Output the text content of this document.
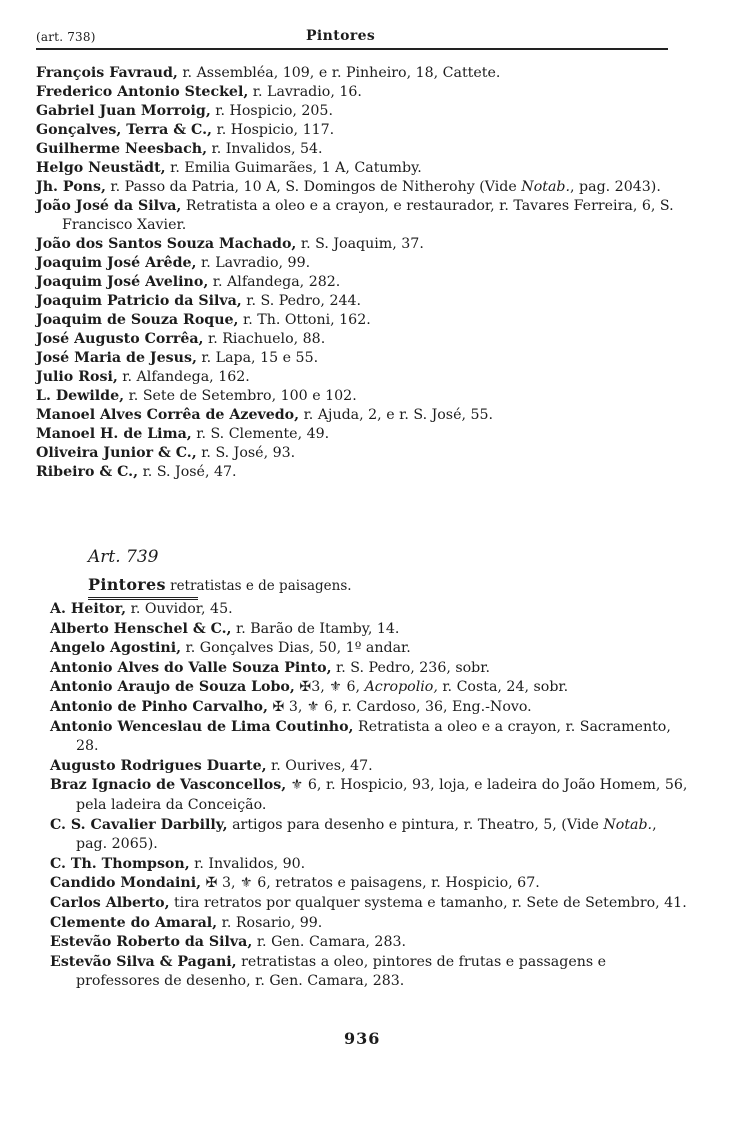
(art. 738)	Pintores
François Favraud, r. Assembléa, 109, e r. Pinheiro, 18, Cattete.
Frederico Antonio Steckel, r. Lavradio, 16.
Gabriel Juan Morroig, r. Hospicio, 205.
Gonçalves, Terra & C., r. Hospicio, 117.
Guilherme Neesbach, r. Invalidos, 54.
Helgo Neustädt, r. Emilia Guimarães, 1 A, Catumby.
Jh. Pons, r. Passo da Patria, 10 A, S. Domingos de Nitherohy (Vide Notab., pag. 2043).
João José da Silva, Retratista a oleo e a crayon, e restaurador, r. Tavares Ferreira, 6, S. Francisco Xavier.
João dos Santos Souza Machado, r. S. Joaquim, 37.
Joaquim José Arêde, r. Lavradio, 99.
Joaquim José Avelino, r. Alfandega, 282.
Joaquim Patricio da Silva, r. S. Pedro, 244.
Joaquim de Souza Roque, r. Th. Ottoni, 162.
José Augusto Corrêa, r. Riachuelo, 88.
José Maria de Jesus, r. Lapa, 15 e 55.
Julio Rosi, r. Alfandega, 162.
L. Dewilde, r. Sete de Setembro, 100 e 102.
Manoel Alves Corrêa de Azevedo, r. Ajuda, 2, e r. S. José, 55.
Manoel H. de Lima, r. S. Clemente, 49.
Oliveira Junior & C., r. S. José, 93.
Ribeiro & C., r. S. José, 47.
Art. 739
Pintores retratistas e de paisagens.
A. Heitor, r. Ouvidor, 45.
Alberto Henschel & C., r. Barão de Itamby, 14.
Angelo Agostini, r. Gonçalves Dias, 50, 1º andar.
Antonio Alves do Valle Souza Pinto, r. S. Pedro, 236, sobr.
Antonio Araujo de Souza Lobo, ✠3, ⚜ 6, Acropolio, r. Costa, 24, sobr.
Antonio de Pinho Carvalho, ✠ 3, ⚜ 6, r. Cardoso, 36, Eng.-Novo.
Antonio Wenceslau de Lima Coutinho, Retratista a oleo e a crayon, r. Sacramento, 28.
Augusto Rodrigues Duarte, r. Ourives, 47.
Braz Ignacio de Vasconcellos, ⚜ 6, r. Hospicio, 93, loja, e ladeira do João Homem, 56, pela ladeira da Conceição.
C. S. Cavalier Darbilly, artigos para desenho e pintura, r. Theatro, 5, (Vide Notab., pag. 2065).
C. Th. Thompson, r. Invalidos, 90.
Candido Mondaini, ✠ 3, ⚜ 6, retratos e paisagens, r. Hospicio, 67.
Carlos Alberto, tira retratos por qualquer systema e tamanho, r. Sete de Setembro, 41.
Clemente do Amaral, r. Rosario, 99.
Estevão Roberto da Silva, r. Gen. Camara, 283.
Estevão Silva & Pagani, retratistas a oleo, pintores de frutas e passagens e professores de desenho, r. Gen. Camara, 283.
936
